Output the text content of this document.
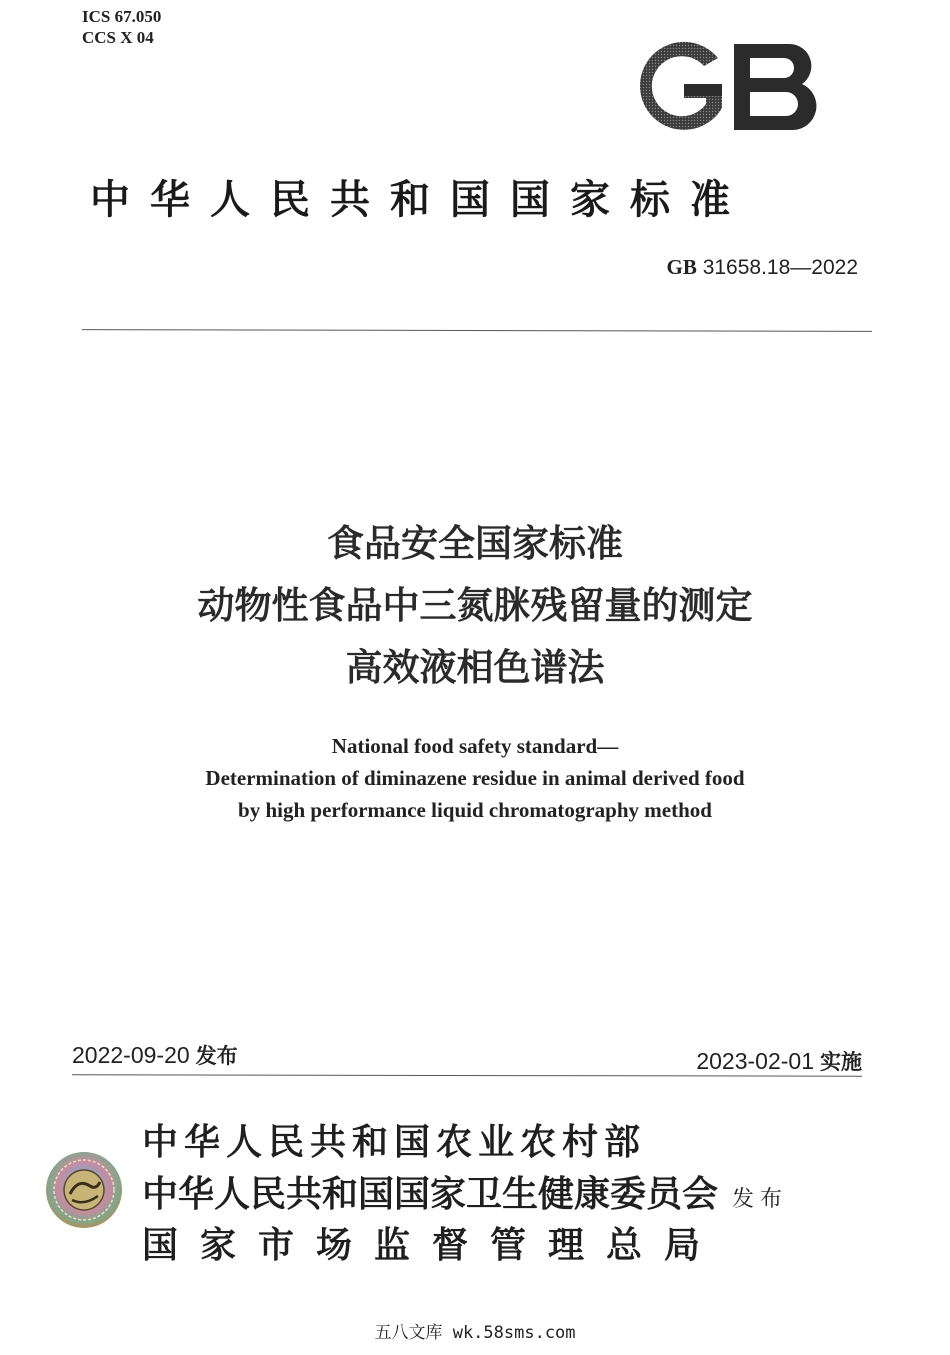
ICS 67.050
CCS X 04
中华人民共和国国家标准
GB 31658.18—2022
食品安全国家标准
动物性食品中三氮脒残留量的测定
高效液相色谱法
National food safety standard—
Determination of diminazene residue in animal derived food
by high performance liquid chromatography method
2022-09-20 发布	2023-02-01 实施
中华人民共和国农业农村部
中华人民共和国国家卫生健康委员会
国家市场监督管理总局
发布
五八文库 wk.58sms.com
